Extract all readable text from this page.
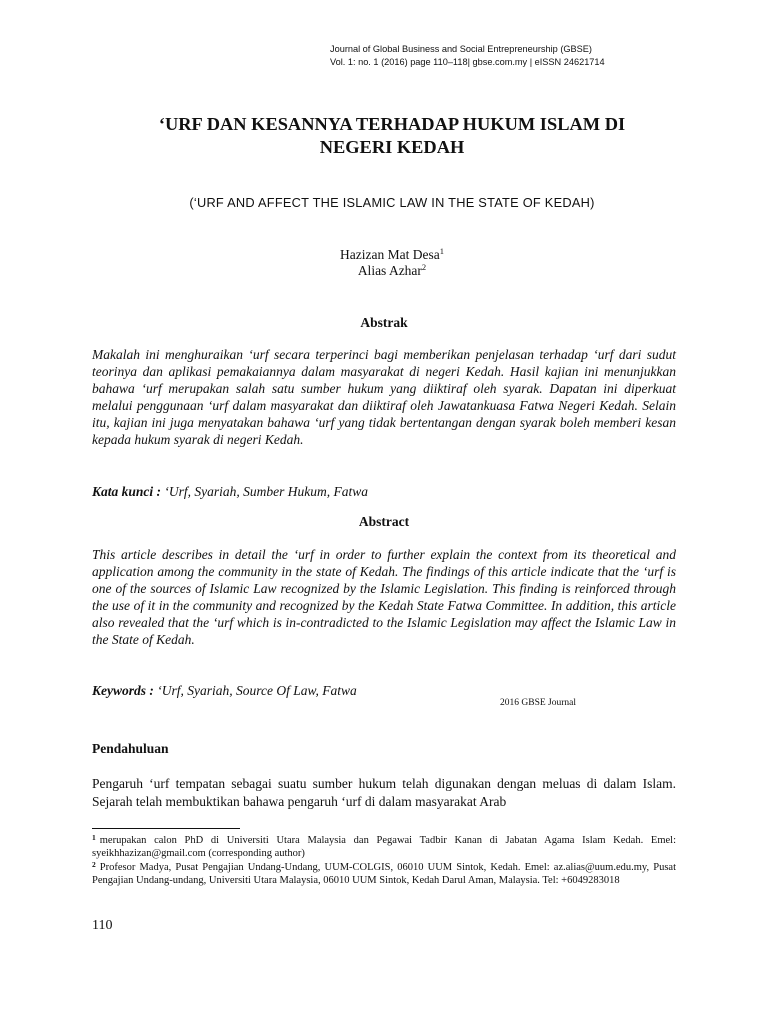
Journal of Global Business and Social Entrepreneurship (GBSE)
Vol. 1: no. 1 (2016) page 110–118| gbse.com.my | eISSN 24621714
‘URF DAN KESANNYA TERHADAP HUKUM ISLAM DI
NEGERI KEDAH
(‘URF AND AFFECT THE ISLAMIC LAW IN THE STATE OF KEDAH)
Hazizan Mat Desa$^1$
Alias Azhar$^2$
Abstrak
Makalah ini menghuraikan ‘urf secara terperinci bagi memberikan penjelasan terhadap ‘urf dari sudut teorinya dan aplikasi pemakaiannya dalam masyarakat di negeri Kedah. Hasil kajian ini menunjukkan bahawa ‘urf merupakan salah satu sumber hukum yang diiktiraf oleh syarak. Dapatan ini diperkuat melalui penggunaan ‘urf dalam masyarakat dan diiktiraf oleh Jawatankuasa Fatwa Negeri Kedah. Selain itu, kajian ini juga menyatakan bahawa ‘urf yang tidak bertentangan dengan syarak boleh memberi kesan kepada hukum syarak di negeri Kedah.
Kata kunci : ‘Urf, Syariah, Sumber Hukum, Fatwa
Abstract
This article describes in detail the ‘urf in order to further explain the context from its theoretical and application among the community in the state of Kedah. The findings of this article indicate that the ‘urf is one of the sources of Islamic Law recognized by the Islamic Legislation. This finding is reinforced through the use of it in the community and recognized by the Kedah State Fatwa Committee. In addition, this article also revealed that the ‘urf which is in-contradicted to the Islamic Legislation may affect the Islamic Law in the State of Kedah.
Keywords : ‘Urf, Syariah, Source Of Law, Fatwa
2016 GBSE Journal
Pendahuluan
Pengaruh ‘urf tempatan sebagai suatu sumber hukum telah digunakan dengan meluas di dalam Islam. Sejarah telah membuktikan bahawa pengaruh ‘urf di dalam masyarakat Arab
$^1$ merupakan calon PhD di Universiti Utara Malaysia dan Pegawai Tadbir Kanan di Jabatan Agama Islam Kedah. Emel: syeikhhazizan@gmail.com (corresponding author)
$^2$ Profesor Madya, Pusat Pengajian Undang-Undang, UUM-COLGIS, 06010 UUM Sintok, Kedah. Emel: az.alias@uum.edu.my, Pusat Pengajian Undang-undang, Universiti Utara Malaysia, 06010 UUM Sintok, Kedah Darul Aman, Malaysia. Tel: +6049283018
110
